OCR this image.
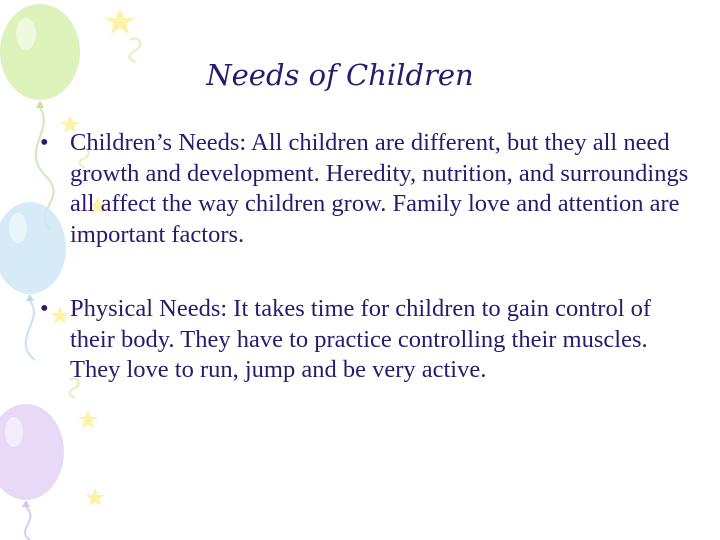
Needs of Children
• Children’s Needs: All children are different, but they all need growth and development. Heredity, nutrition, and surroundings all affect the way children grow. Family love and attention are important factors.
• Physical Needs: It takes time for children to gain control of their body. They have to practice controlling their muscles. They love to run, jump and be very active.
